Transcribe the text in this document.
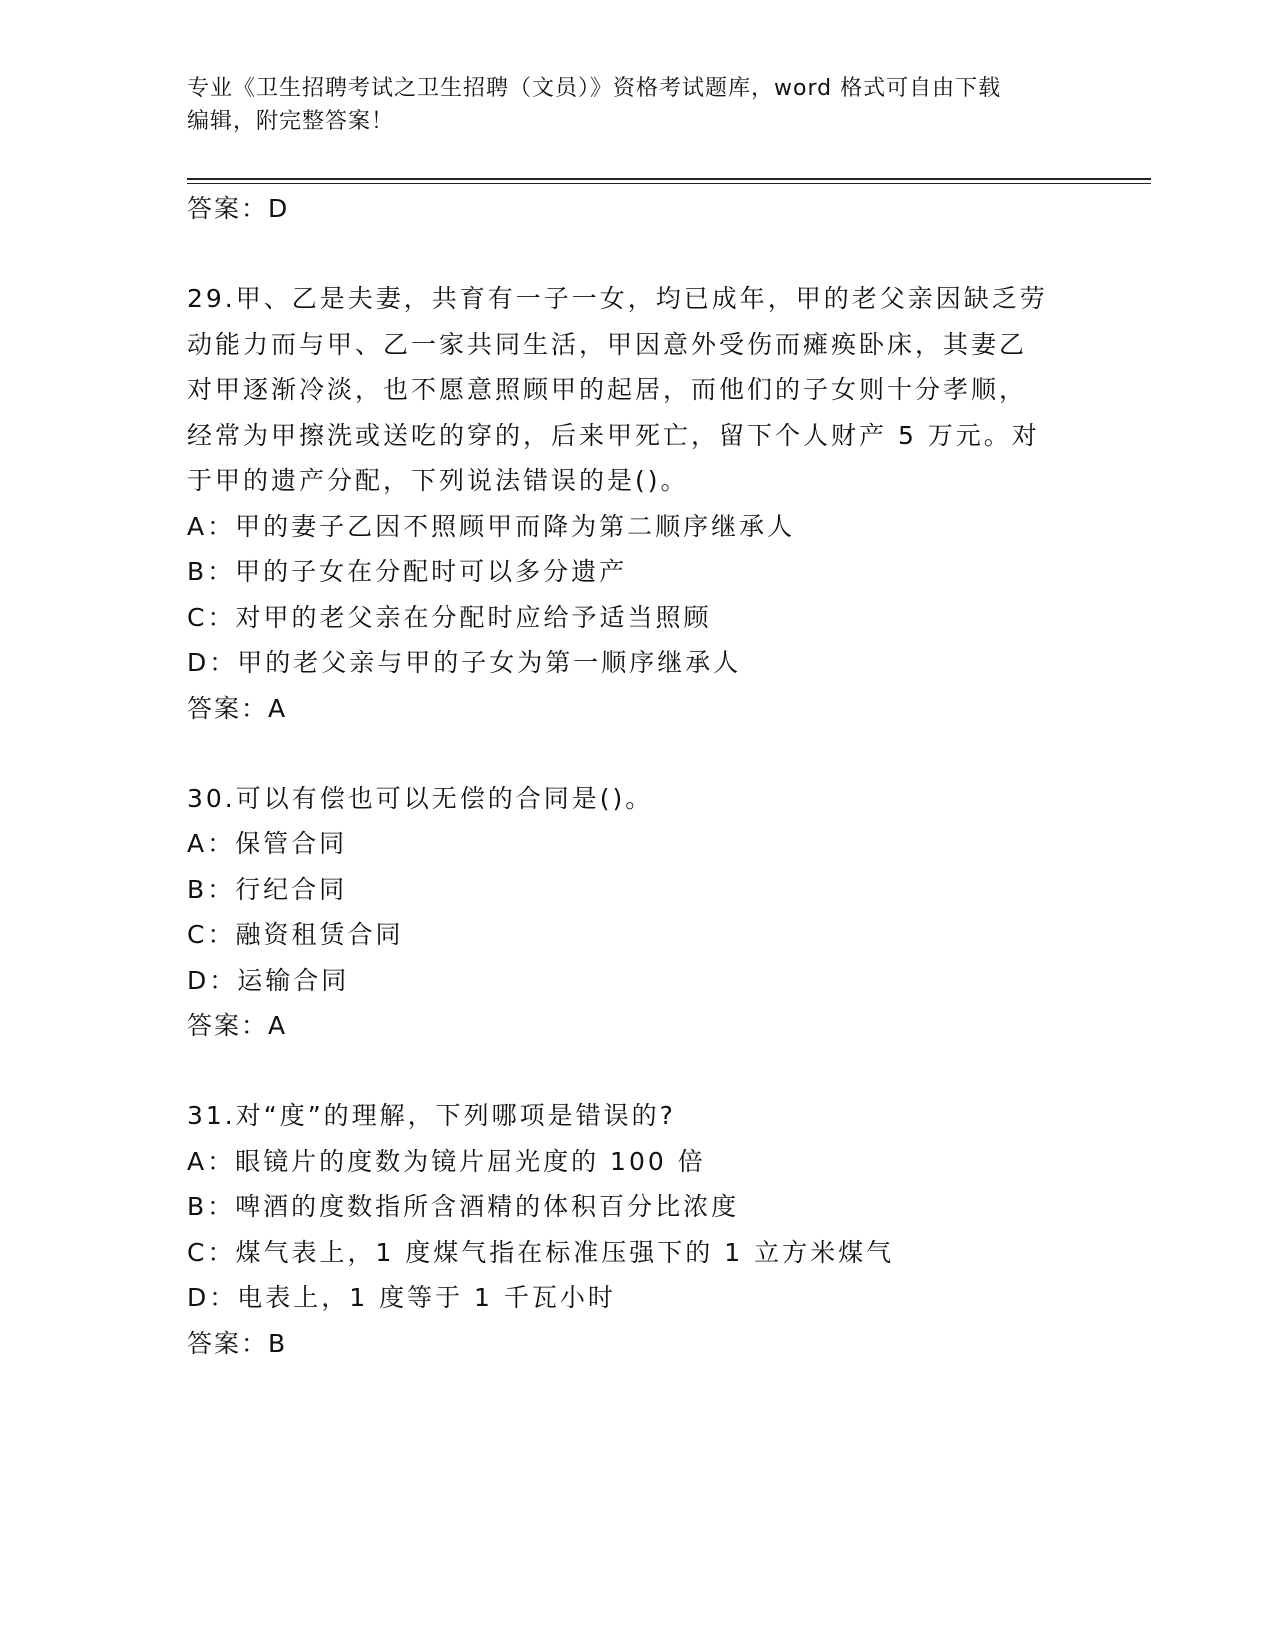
专业《卫生招聘考试之卫生招聘（文员）》资格考试题库，word 格式可自由下载
编辑，附完整答案！
答案：D
29.甲、乙是夫妻，共育有一子一女，均已成年，甲的老父亲因缺乏劳
动能力而与甲、乙一家共同生活，甲因意外受伤而瘫痪卧床，其妻乙
对甲逐渐冷淡，也不愿意照顾甲的起居，而他们的子女则十分孝顺，
经常为甲擦洗或送吃的穿的，后来甲死亡，留下个人财产 5 万元。对
于甲的遗产分配，下列说法错误的是()。
A：甲的妻子乙因不照顾甲而降为第二顺序继承人
B：甲的子女在分配时可以多分遗产
C：对甲的老父亲在分配时应给予适当照顾
D：甲的老父亲与甲的子女为第一顺序继承人
答案：A
30.可以有偿也可以无偿的合同是()。
A：保管合同
B：行纪合同
C：融资租赁合同
D：运输合同
答案：A
31.对“度”的理解，下列哪项是错误的?
A：眼镜片的度数为镜片屈光度的 100 倍
B：啤酒的度数指所含酒精的体积百分比浓度
C：煤气表上，1 度煤气指在标准压强下的 1 立方米煤气
D：电表上，1 度等于 1 千瓦小时
答案：B
